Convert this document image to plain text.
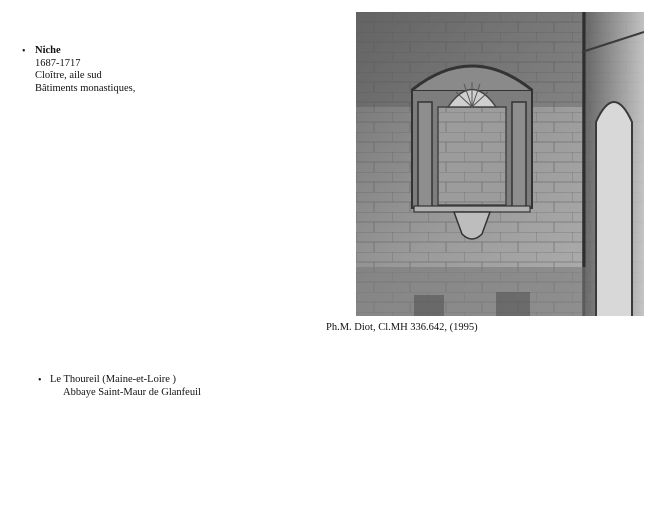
• Niche
1687-1717
Cloître, aile sud
Bâtiments monastiques,
Ph.M. Diot, Cl.MH 336.642, (1995)
• Le Thoureil (Maine-et-Loire )
Abbaye Saint-Maur de Glanfeuil
